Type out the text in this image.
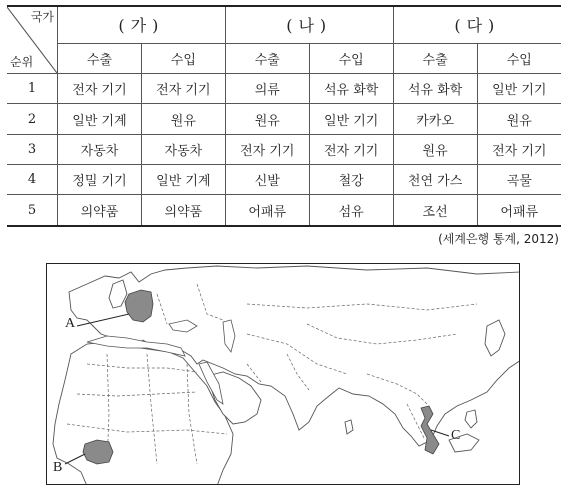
국가
순위	(가)		(나)		(다)	
	수출	수입	수출	수입	수출	수입
1	전자 기기	전자 기기	의류	석유 화학	석유 화학	일반 기기
2	일반 기계	원유	원유	일반 기기	카카오	원유
3	자동차	자동차	전자 기기	전자 기기	원유	전자 기기
4	정밀 기기	일반 기계	신발	철강	천연 가스	곡물
5	의약품	의약품	어패류	섬유	조선	어패류
(세계은행 통계, 2012)
A
B
C
